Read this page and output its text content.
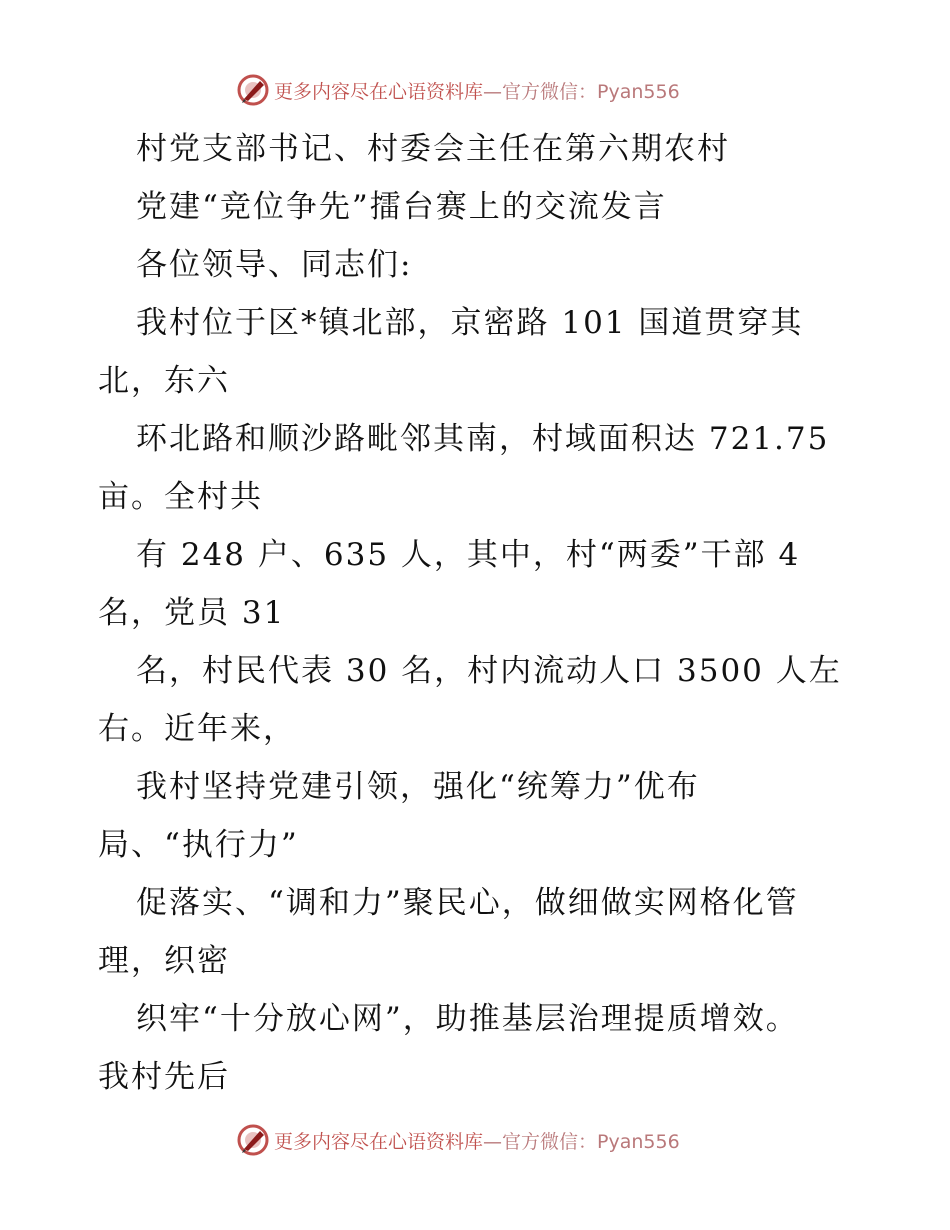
更多内容尽在心语资料库—官方微信：Pyan556
村党支部书记、村委会主任在第六期农村
党建“竞位争先”擂台赛上的交流发言
各位领导、同志们:
我村位于区*镇北部，京密路 101 国道贯穿其
北，东六
环北路和顺沙路毗邻其南，村域面积达 721.75
亩。全村共
有 248 户、635 人，其中，村“两委”干部 4
名，党员 31
名，村民代表 30 名，村内流动人口 3500 人左
右。近年来，
我村坚持党建引领，强化“统筹力”优布
局、“执行力”
促落实、“调和力”聚民心，做细做实网格化管
理，织密
织牢“十分放心网”，助推基层治理提质增效。
我村先后
更多内容尽在心语资料库—官方微信：Pyan556
